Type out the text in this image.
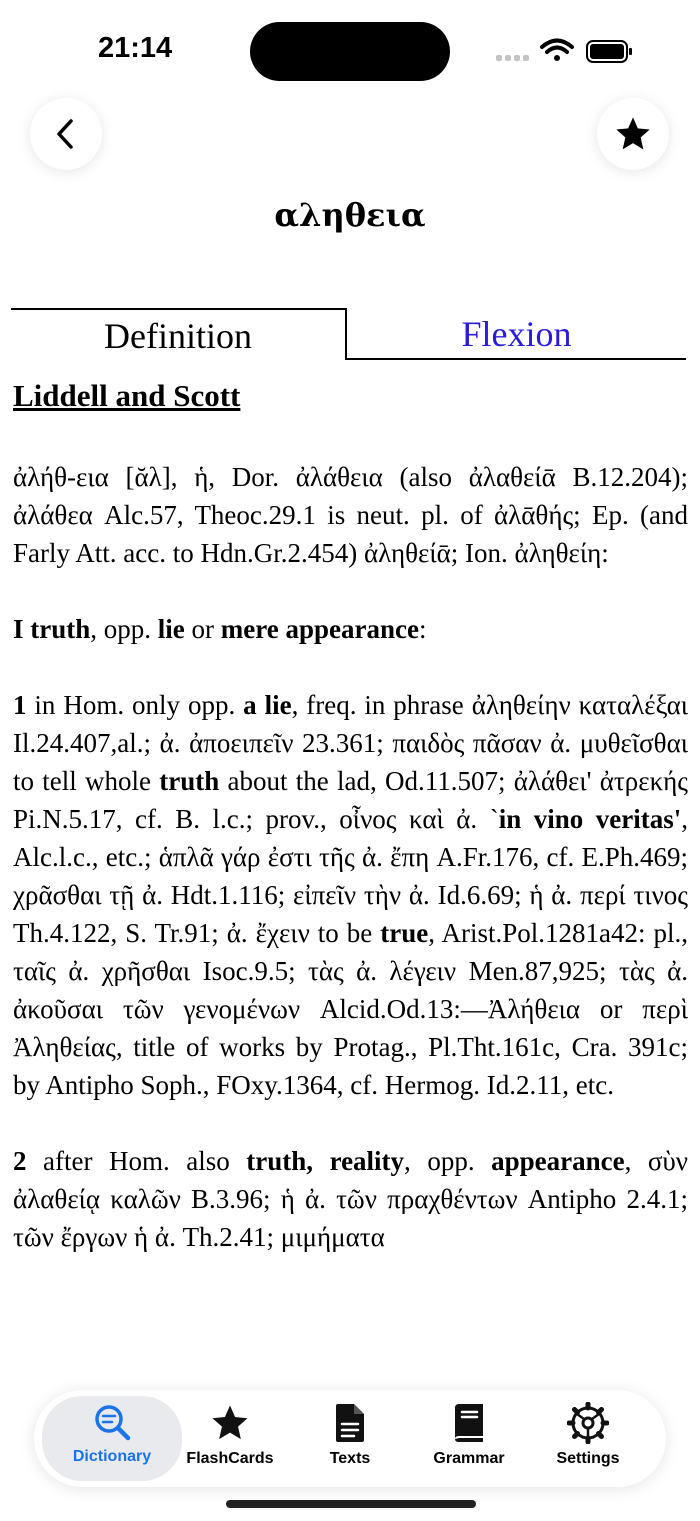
21:14
αληθεια
Definition	Flexion
Liddell and Scott

ἀλήθ-εια [ᾰλ], ἡ, Dor. ἀλάθεια (also ἀλαθείᾱ B.12.204); ἀλάθεα Alc.57, Theoc.29.1 is neut. pl. of ἀλᾱθής; Ep. (and Farly Att. acc. to Hdn.Gr.2.454) ἀληθείᾱ; Ion. ἀληθείη:

I truth, opp. lie or mere appearance:

1 in Hom. only opp. a lie, freq. in phrase ἀληθείην καταλέξαι Il.24.407,al.; ἀ. ἀποειπεῖν 23.361; παιδὸς πᾶσαν ἀ. μυθεῖσθαι to tell whole truth about the lad, Od.11.507; ἀλάθει' ἀτρεκής Pi.N.5.17, cf. B. l.c.; prov., οἶνος καὶ ἀ. `in vino veritas', Alc.l.c., etc.; ἁπλᾶ γάρ ἐστι τῆς ἀ. ἔπη A.Fr.176, cf. E.Ph.469; χρᾶσθαι τῇ ἀ. Hdt.1.116; εἰπεῖν τὴν ἀ. Id.6.69; ἡ ἀ. περί τινος Th.4.122, S. Tr.91; ἀ. ἔχειν to be true, Arist.Pol.1281a42: pl., ταῖς ἀ. χρῆσθαι Isoc.9.5; τὰς ἀ. λέγειν Men.87,925; τὰς ἀ. ἀκοῦσαι τῶν γενομένων Alcid.Od.13:—Ἀλήθεια or περὶ Ἀληθείας, title of works by Protag., Pl.Tht.161c, Cra. 391c; by Antipho Soph., FOxy.1364, cf. Hermog. Id.2.11, etc.

2 after Hom. also truth, reality, opp. appearance, σὺν ἀλαθείᾳ καλῶν B.3.96; ἡ ἀ. τῶν πραχθέντων Antipho 2.4.1; τῶν ἔργων ἡ ἀ. Th.2.41; μιμήματα

Dictionary	FlashCards	Texts	Grammar	Settings
